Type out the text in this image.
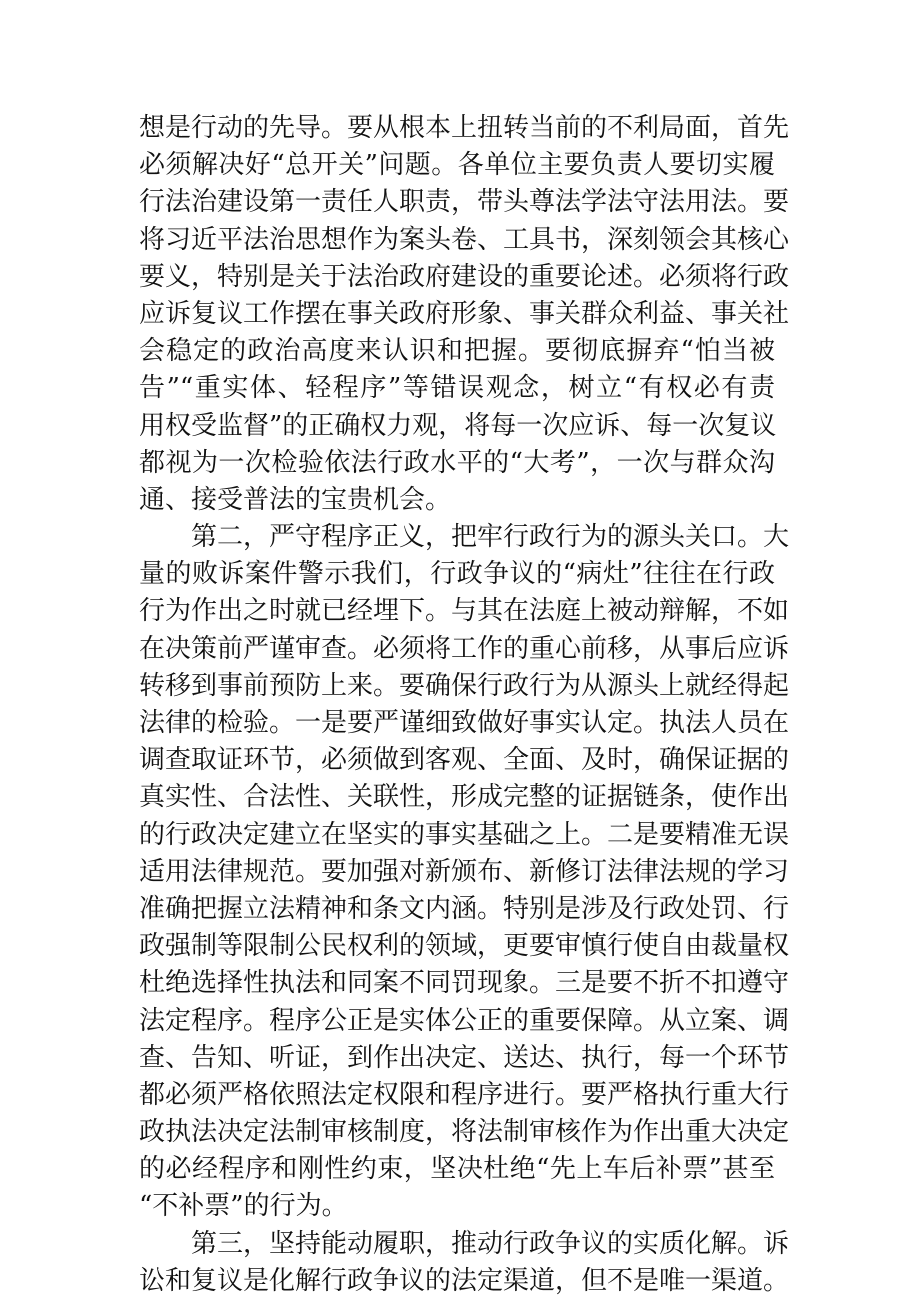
想是行动的先导。要从根本上扭转当前的不利局面，首先
必须解决好“总开关”问题。各单位主要负责人要切实履
行法治建设第一责任人职责，带头尊法学法守法用法。要
将习近平法治思想作为案头卷、工具书，深刻领会其核心
要义，特别是关于法治政府建设的重要论述。必须将行政
应诉复议工作摆在事关政府形象、事关群众利益、事关社
会稳定的政治高度来认识和把握。要彻底摒弃“怕当被
告”“重实体、轻程序”等错误观念，树立“有权必有责
用权受监督”的正确权力观，将每一次应诉、每一次复议
都视为一次检验依法行政水平的“大考”，一次与群众沟
通、接受普法的宝贵机会。
第二，严守程序正义，把牢行政行为的源头关口。大
量的败诉案件警示我们，行政争议的“病灶”往往在行政
行为作出之时就已经埋下。与其在法庭上被动辩解，不如
在决策前严谨审查。必须将工作的重心前移，从事后应诉
转移到事前预防上来。要确保行政行为从源头上就经得起
法律的检验。一是要严谨细致做好事实认定。执法人员在
调查取证环节，必须做到客观、全面、及时，确保证据的
真实性、合法性、关联性，形成完整的证据链条，使作出
的行政决定建立在坚实的事实基础之上。二是要精准无误
适用法律规范。要加强对新颁布、新修订法律法规的学习
准确把握立法精神和条文内涵。特别是涉及行政处罚、行
政强制等限制公民权利的领域，更要审慎行使自由裁量权
杜绝选择性执法和同案不同罚现象。三是要不折不扣遵守
法定程序。程序公正是实体公正的重要保障。从立案、调
查、告知、听证，到作出决定、送达、执行，每一个环节
都必须严格依照法定权限和程序进行。要严格执行重大行
政执法决定法制审核制度，将法制审核作为作出重大决定
的必经程序和刚性约束，坚决杜绝“先上车后补票”甚至
“不补票”的行为。
第三，坚持能动履职，推动行政争议的实质化解。诉
讼和复议是化解行政争议的法定渠道，但不是唯一渠道。
